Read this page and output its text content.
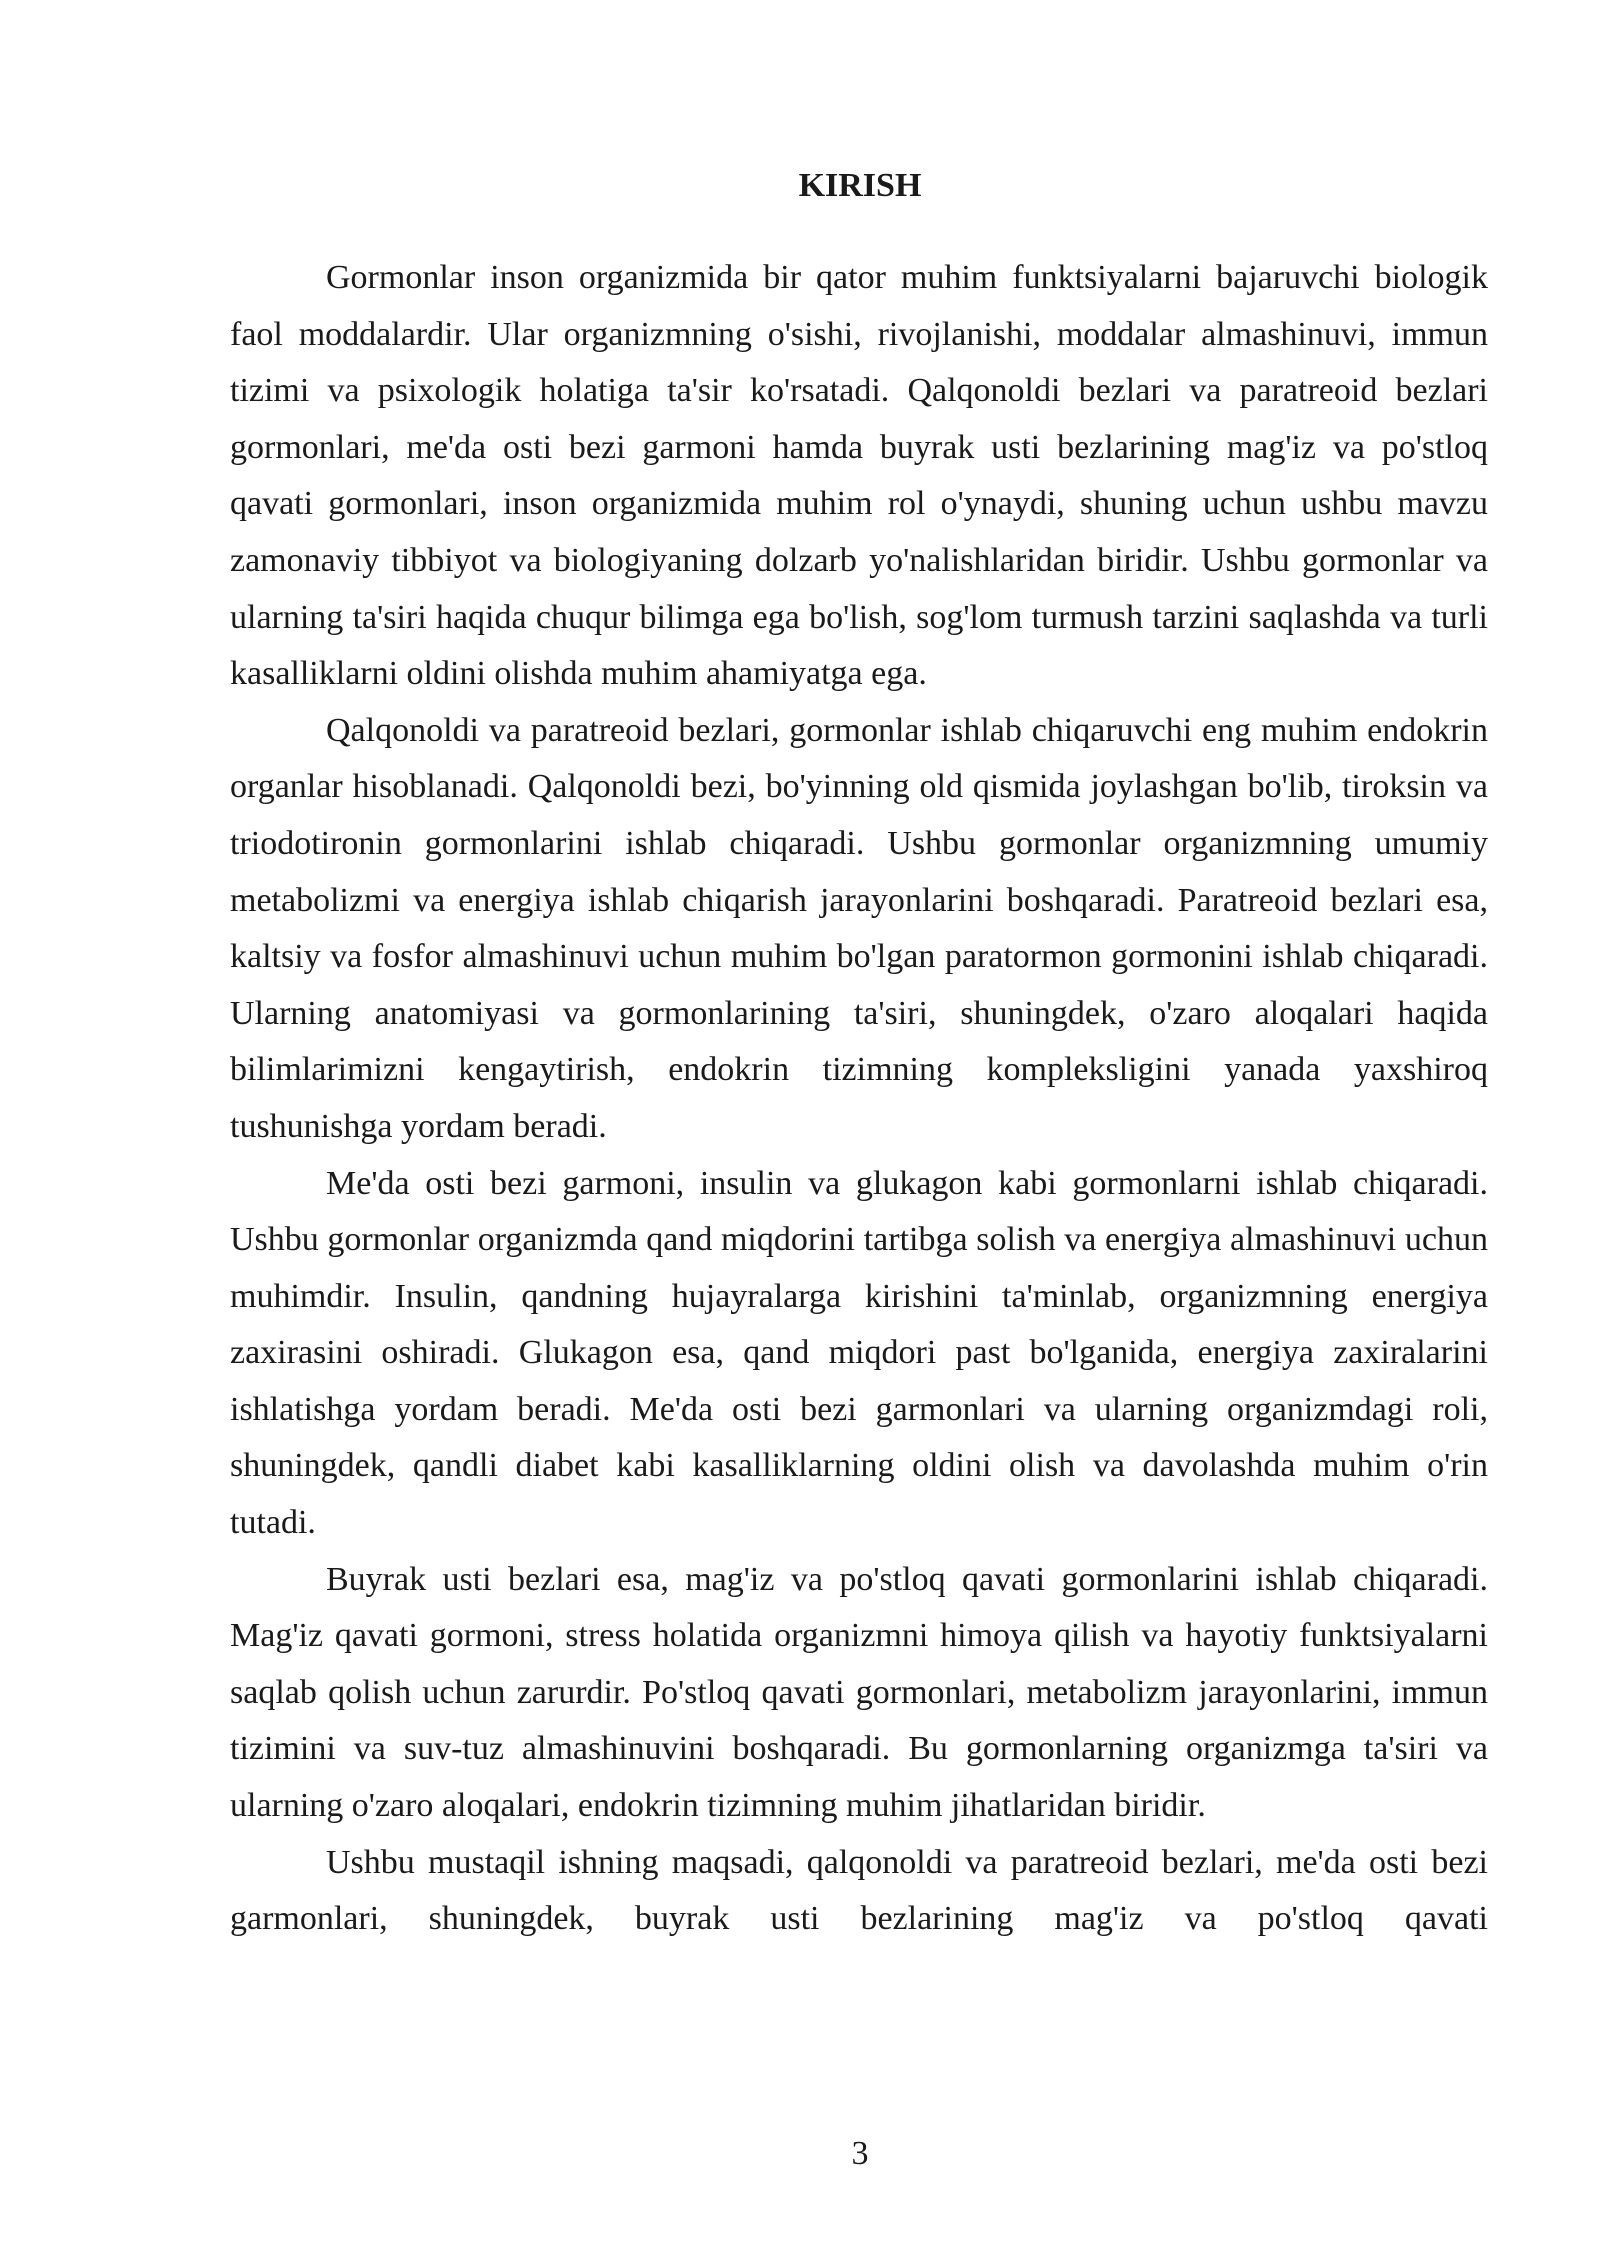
KIRISH

Gormonlar inson organizmida bir qator muhim funktsiyalarni bajaruvchi biologik faol moddalardir. Ular organizmning o'sishi, rivojlanishi, moddalar almashinuvi, immun tizimi va psixologik holatiga ta'sir ko'rsatadi. Qalqonoldi bezlari va paratreoid bezlari gormonlari, me'da osti bezi garmoni hamda buyrak usti bezlarining mag'iz va po'stloq qavati gormonlari, inson organizmida muhim rol o'ynaydi, shuning uchun ushbu mavzu zamonaviy tibbiyot va biologiyaning dolzarb yo'nalishlaridan biridir. Ushbu gormonlar va ularning ta'siri haqida chuqur bilimga ega bo'lish, sog'lom turmush tarzini saqlashda va turli kasalliklarni oldini olishda muhim ahamiyatga ega.

Qalqonoldi va paratreoid bezlari, gormonlar ishlab chiqaruvchi eng muhim endokrin organlar hisoblanadi. Qalqonoldi bezi, bo'yinning old qismida joylashgan bo'lib, tiroksin va triodotironin gormonlarini ishlab chiqaradi. Ushbu gormonlar organizmning umumiy metabolizmi va energiya ishlab chiqarish jarayonlarini boshqaradi. Paratreoid bezlari esa, kaltsiy va fosfor almashinuvi uchun muhim bo'lgan paratormon gormonini ishlab chiqaradi. Ularning anatomiyasi va gormonlarining ta'siri, shuningdek, o'zaro aloqalari haqida bilimlarimizni kengaytirish, endokrin tizimning kompleksligini yanada yaxshiroq tushunishga yordam beradi.

Me'da osti bezi garmoni, insulin va glukagon kabi gormonlarni ishlab chiqaradi. Ushbu gormonlar organizmda qand miqdorini tartibga solish va energiya almashinuvi uchun muhimdir. Insulin, qandning hujayralarga kirishini ta'minlab, organizmning energiya zaxirasini oshiradi. Glukagon esa, qand miqdori past bo'lganida, energiya zaxiralarini ishlatishga yordam beradi. Me'da osti bezi garmonlari va ularning organizmdagi roli, shuningdek, qandli diabet kabi kasalliklarning oldini olish va davolashda muhim o'rin tutadi.

Buyrak usti bezlari esa, mag'iz va po'stloq qavati gormonlarini ishlab chiqaradi. Mag'iz qavati gormoni, stress holatida organizmni himoya qilish va hayotiy funktsiyalarni saqlab qolish uchun zarurdir. Po'stloq qavati gormonlari, metabolizm jarayonlarini, immun tizimini va suv-tuz almashinuvini boshqaradi. Bu gormonlarning organizmga ta'siri va ularning o'zaro aloqalari, endokrin tizimning muhim jihatlaridan biridir.

Ushbu mustaqil ishning maqsadi, qalqonoldi va paratreoid bezlari, me'da osti bezi garmonlari, shuningdek, buyrak usti bezlarining mag'iz va po'stloq qavati

3
